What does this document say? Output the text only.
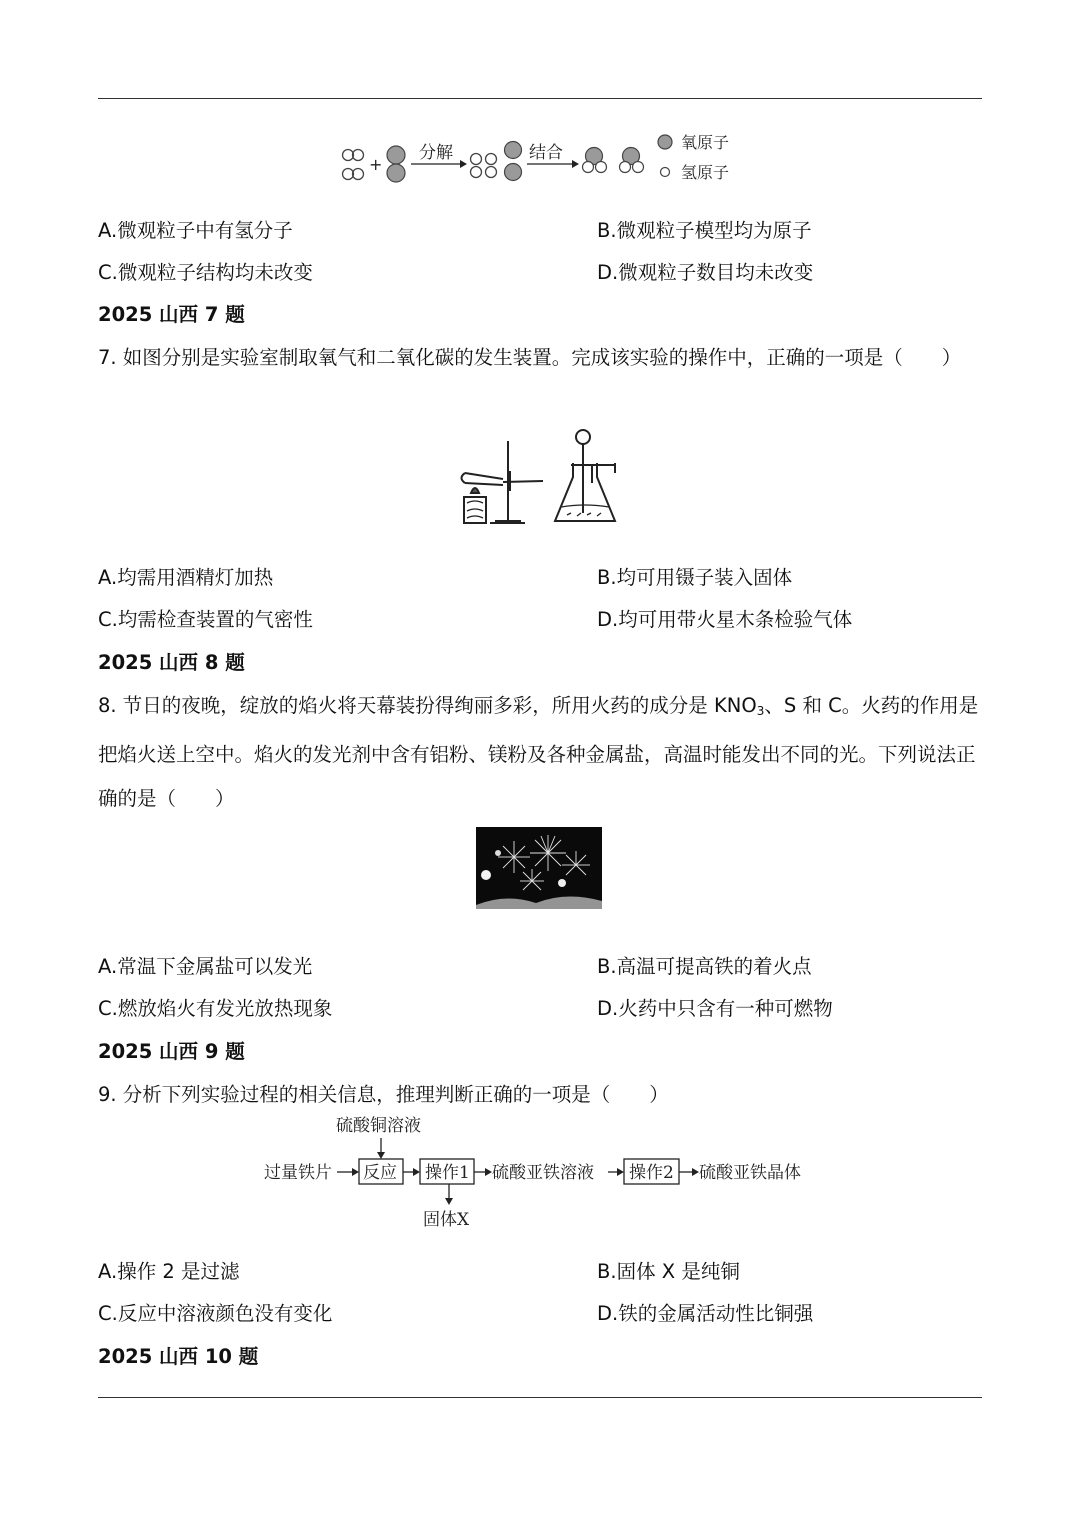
+
分解	结合
氧原子
氢原子
A.微观粒子中有氢分子	B.微观粒子模型均为原子
C.微观粒子结构均未改变	D.微观粒子数目均未改变
2025 山西 7 题
7. 如图分别是实验室制取氧气和二氧化碳的发生装置。完成该实验的操作中，正确的一项是（　　）
A.均需用酒精灯加热	B.均可用镊子装入固体
C.均需检查装置的气密性	D.均可用带火星木条检验气体
2025 山西 8 题
8. 节日的夜晚，绽放的焰火将天幕装扮得绚丽多彩，所用火药的成分是 $KNO_3$、S 和 C。火药的作用是把焰火送上空中。焰火的发光剂中含有铝粉、镁粉及各种金属盐，高温时能发出不同的光。下列说法正确的是（　　）
A.常温下金属盐可以发光	B.高温可提高铁的着火点
C.燃放焰火有发光放热现象	D.火药中只含有一种可燃物
2025 山西 9 题
9. 分析下列实验过程的相关信息，推理判断正确的一项是（　　）
硫酸铜溶液
过量铁片 反应 操作1 硫酸亚铁溶液 操作2 硫酸亚铁晶体
固体X
A.操作 2 是过滤	B.固体 X 是纯铜
C.反应中溶液颜色没有变化	D.铁的金属活动性比铜强
2025 山西 10 题
